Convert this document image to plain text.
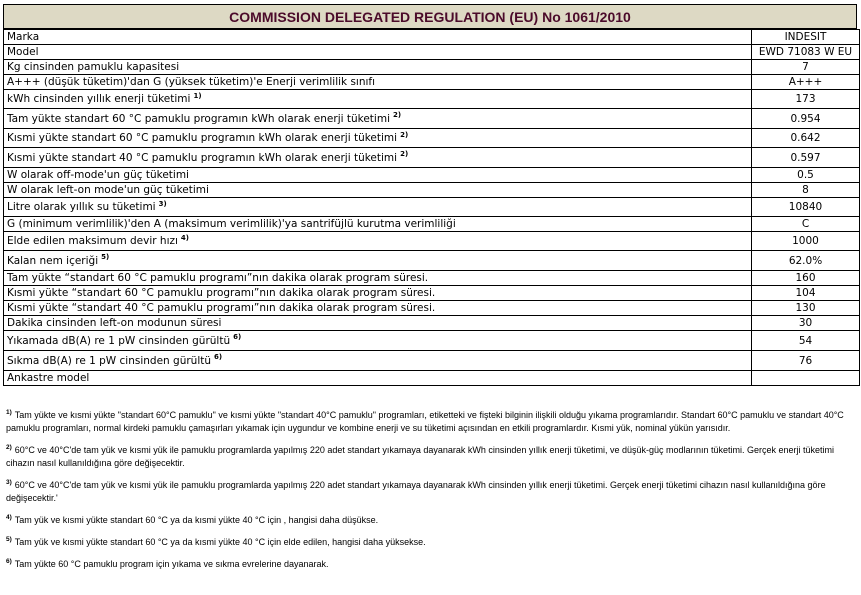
COMMISSION DELEGATED REGULATION (EU) No 1061/2010
Marka	INDESIT
Model	EWD 71083 W EU
Kg cinsinden pamuklu kapasitesi	7
A+++ (düşük tüketim)'dan G (yüksek tüketim)'e Enerji verimlilik sınıfı	A+++
kWh cinsinden yıllık enerji tüketimi $^{1)}$	173
Tam yükte standart 60 °C pamuklu programın kWh olarak enerji tüketimi $^{2)}$	0.954
Kısmi yükte standart 60 °C pamuklu programın kWh olarak enerji tüketimi $^{2)}$	0.642
Kısmi yükte standart 40 °C pamuklu programın kWh olarak enerji tüketimi $^{2)}$	0.597
W olarak off-mode'un güç tüketimi	0.5
W olarak left-on mode'un güç tüketimi	8
Litre olarak yıllık su tüketimi $^{3)}$	10840
G (minimum verimlilik)'den A (maksimum verimlilik)'ya santrifüjlü kurutma verimliliği	C
Elde edilen maksimum devir hızı $^{4)}$	1000
Kalan nem içeriği $^{5)}$	62.0%
Tam yükte “standart 60 °C pamuklu programı”nın dakika olarak program süresi.	160
Kısmi yükte “standart 60 °C pamuklu programı”nın dakika olarak program süresi.	104
Kısmi yükte “standart 40 °C pamuklu programı”nın dakika olarak program süresi.	130
Dakika cinsinden left-on modunun süresi	30
Yıkamada dB(A) re 1 pW cinsinden gürültü $^{6)}$	54
Sıkma dB(A) re 1 pW cinsinden gürültü $^{6)}$	76
Ankastre model	
$^{1)}$ Tam yükte ve kısmi yükte "standart 60°C pamuklu" ve kısmi yükte "standart 40°C pamuklu" programları, etiketteki ve fişteki bilginin ilişkili olduğu yıkama programlarıdır. Standart 60°C pamuklu ve standart 40°C pamuklu programları, normal kirdeki pamuklu çamaşırları yıkamak için uygundur ve kombine enerji ve su tüketimi açısından en etkili programlardır. Kısmi yük, nominal yükün yarısıdır.
$^{2)}$ 60°C ve 40°C'de tam yük ve kısmi yük ile pamuklu programlarda yapılmış 220 adet standart yıkamaya dayanarak kWh cinsinden yıllık enerji tüketimi, ve düşük-güç modlarının tüketimi. Gerçek enerji tüketimi cihazın nasıl kullanıldığına göre değişecektir.
$^{3)}$ 60°C ve 40°C'de tam yük ve kısmi yük ile pamuklu programlarda yapılmış 220 adet standart yıkamaya dayanarak kWh cinsinden yıllık enerji tüketimi. Gerçek enerji tüketimi cihazın nasıl kullanıldığına göre değişecektir.'
$^{4)}$ Tam yük ve kısmi yükte standart 60 °C ya da kısmi yükte 40 °C için , hangisi daha düşükse.
$^{5)}$ Tam yük ve kısmi yükte standart 60 °C ya da kısmi yükte 40 °C için elde edilen, hangisi daha yüksekse.
$^{6)}$ Tam yükte 60 °C pamuklu program için yıkama ve sıkma evrelerine dayanarak.
